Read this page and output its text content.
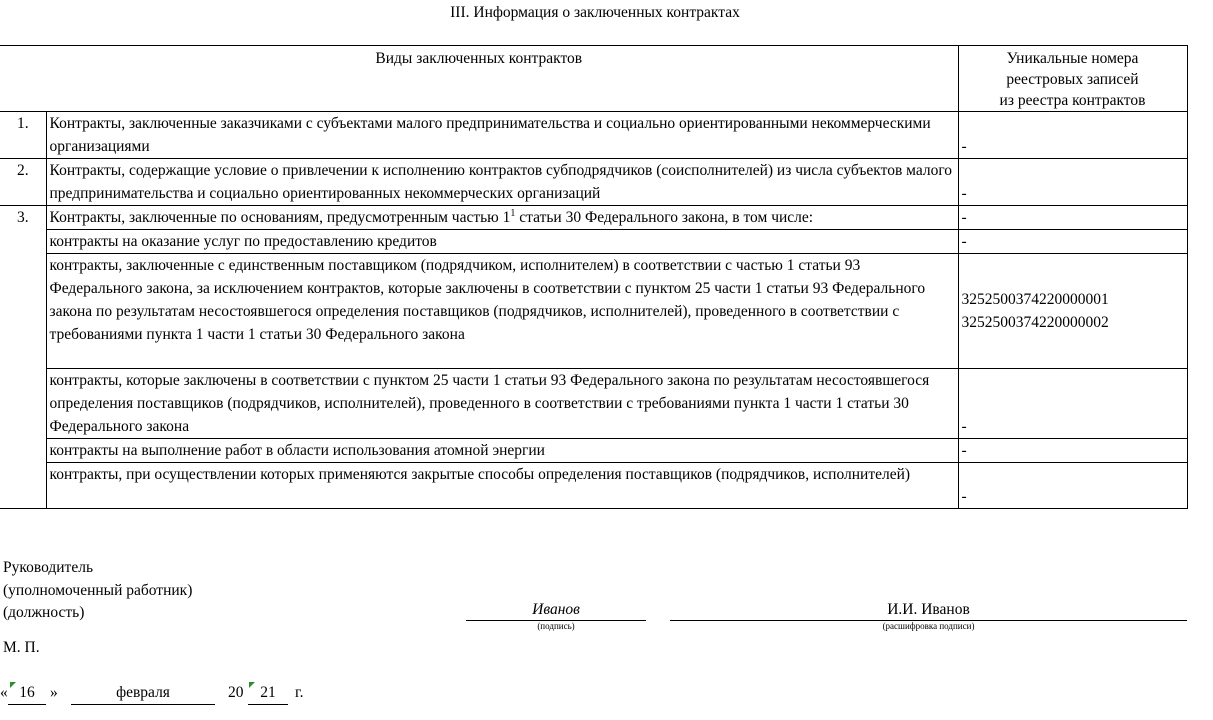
III. Информация о заключенных контрактах
Виды заключенных контрактов		Уникальные номера
реестровых записей
из реестра контрактов

1.	Контракты, заключенные заказчиками с субъектами малого предпринимательства и социально ориентированными некоммерческими организациями	-
2.	Контракты, содержащие условие о привлечении к исполнению контрактов субподрядчиков (соисполнителей) из числа субъектов малого предпринимательства и социально ориентированных некоммерческих организаций	-
3.	Контракты, заключенные по основаниям, предусмотренным частью $1^1$ статьи 30 Федерального закона, в том числе:	-
	контракты на оказание услуг по предоставлению кредитов	-
	контракты, заключенные с единственным поставщиком (подрядчиком, исполнителем) в соответствии с частью 1 статьи 93 Федерального закона, за исключением контрактов, которые заключены в соответствии с пунктом 25 части 1 статьи 93 Федерального закона по результатам несостоявшегося определения поставщиков (подрядчиков, исполнителей), проведенного в соответствии с требованиями пункта 1 части 1 статьи 30 Федерального закона	3252500374220000001
3252500374220000002

	контракты, которые заключены в соответствии с пунктом 25 части 1 статьи 93 Федерального закона по результатам несостоявшегося определения поставщиков (подрядчиков, исполнителей), проведенного в соответствии с требованиями пункта 1 части 1 статьи 30 Федерального закона	-
	контракты на выполнение работ в области использования атомной энергии	-
	контракты, при осуществлении которых применяются закрытые способы определения поставщиков (подрядчиков, исполнителей)	-
Руководитель
(уполномоченный работник)
(должность)	Иванов
(подпись)
И.И. Иванов
(расшифровка подписи)
М. П.
« 16 »	февраля	20	21	г.
